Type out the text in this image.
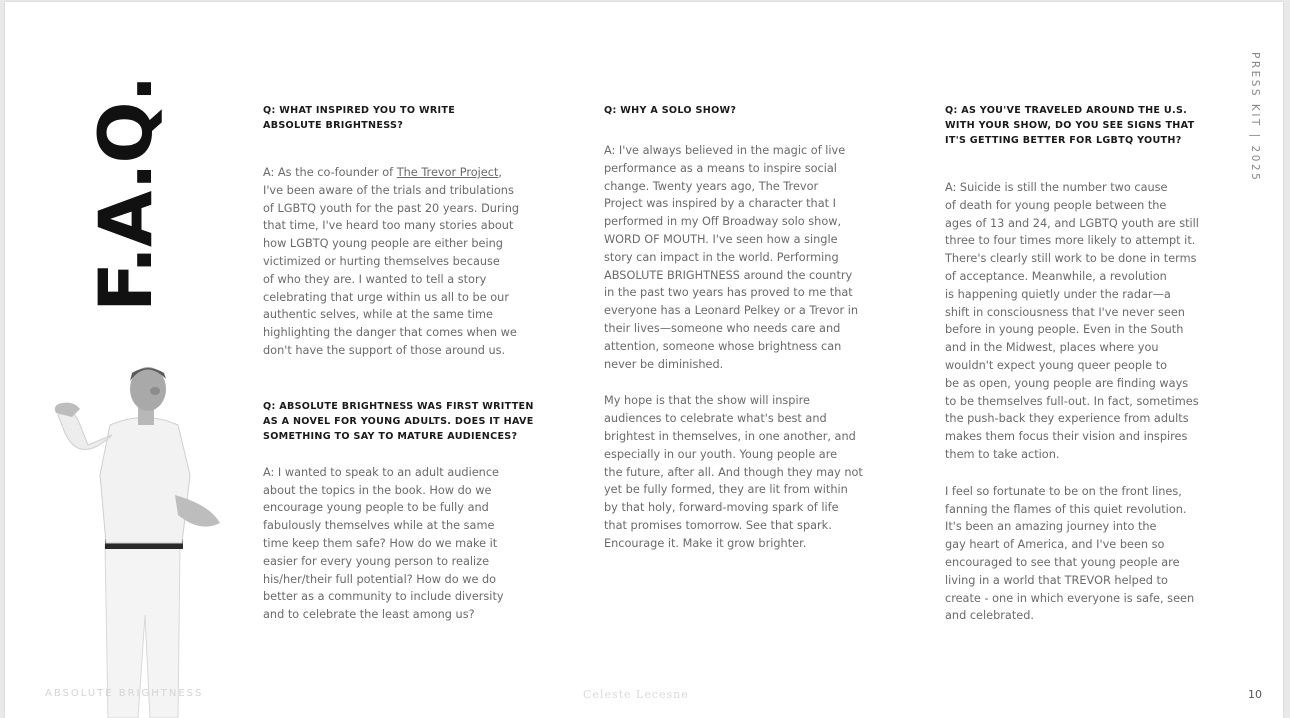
F.A.Q.	Q: WHAT INSPIRED YOU TO WRITE
ABSOLUTE BRIGHTNESS?

A: As the co-founder of The Trevor Project,
I've been aware of the trials and tribulations
of LGBTQ youth for the past 20 years. During
that time, I've heard too many stories about
how LGBTQ young people are either being
victimized or hurting themselves because
of who they are. I wanted to tell a story
celebrating that urge within us all to be our
authentic selves, while at the same time
highlighting the danger that comes when we
don't have the support of those around us.

Q: ABSOLUTE BRIGHTNESS WAS FIRST WRITTEN
AS A NOVEL FOR YOUNG ADULTS. DOES IT HAVE
SOMETHING TO SAY TO MATURE AUDIENCES?

A: I wanted to speak to an adult audience
about the topics in the book. How do we
encourage young people to be fully and
fabulously themselves while at the same
time keep them safe? How do we make it
easier for every young person to realize
his/her/their full potential? How do we do
better as a community to include diversity
and to celebrate the least among us?

Q: WHY A SOLO SHOW?

A: I've always believed in the magic of live
performance as a means to inspire social
change. Twenty years ago, The Trevor
Project was inspired by a character that I
performed in my Off Broadway solo show,
WORD OF MOUTH. I've seen how a single
story can impact in the world. Performing
ABSOLUTE BRIGHTNESS around the country
in the past two years has proved to me that
everyone has a Leonard Pelkey or a Trevor in
their lives—someone who needs care and
attention, someone whose brightness can
never be diminished.

My hope is that the show will inspire
audiences to celebrate what's best and
brightest in themselves, in one another, and
especially in our youth. Young people are
the future, after all. And though they may not
yet be fully formed, they are lit from within
by that holy, forward-moving spark of life
that promises tomorrow. See that spark.
Encourage it. Make it grow brighter.

Q: AS YOU'VE TRAVELED AROUND THE U.S.
WITH YOUR SHOW, DO YOU SEE SIGNS THAT
IT'S GETTING BETTER FOR LGBTQ YOUTH?

A: Suicide is still the number two cause
of death for young people between the
ages of 13 and 24, and LGBTQ youth are still
three to four times more likely to attempt it.
There's clearly still work to be done in terms
of acceptance. Meanwhile, a revolution
is happening quietly under the radar—a
shift in consciousness that I've never seen
before in young people. Even in the South
and in the Midwest, places where you
wouldn't expect young queer people to
be as open, young people are finding ways
to be themselves full-out. In fact, sometimes
the push-back they experience from adults
makes them focus their vision and inspires
them to take action.

I feel so fortunate to be on the front lines,
fanning the flames of this quiet revolution.
It's been an amazing journey into the
gay heart of America, and I've been so
encouraged to see that young people are
living in a world that TREVOR helped to
create - one in which everyone is safe, seen
and celebrated.

PRESS KIT | 2025
ABSOLUTE BRIGHTNESS	Celeste Lecesne	10
